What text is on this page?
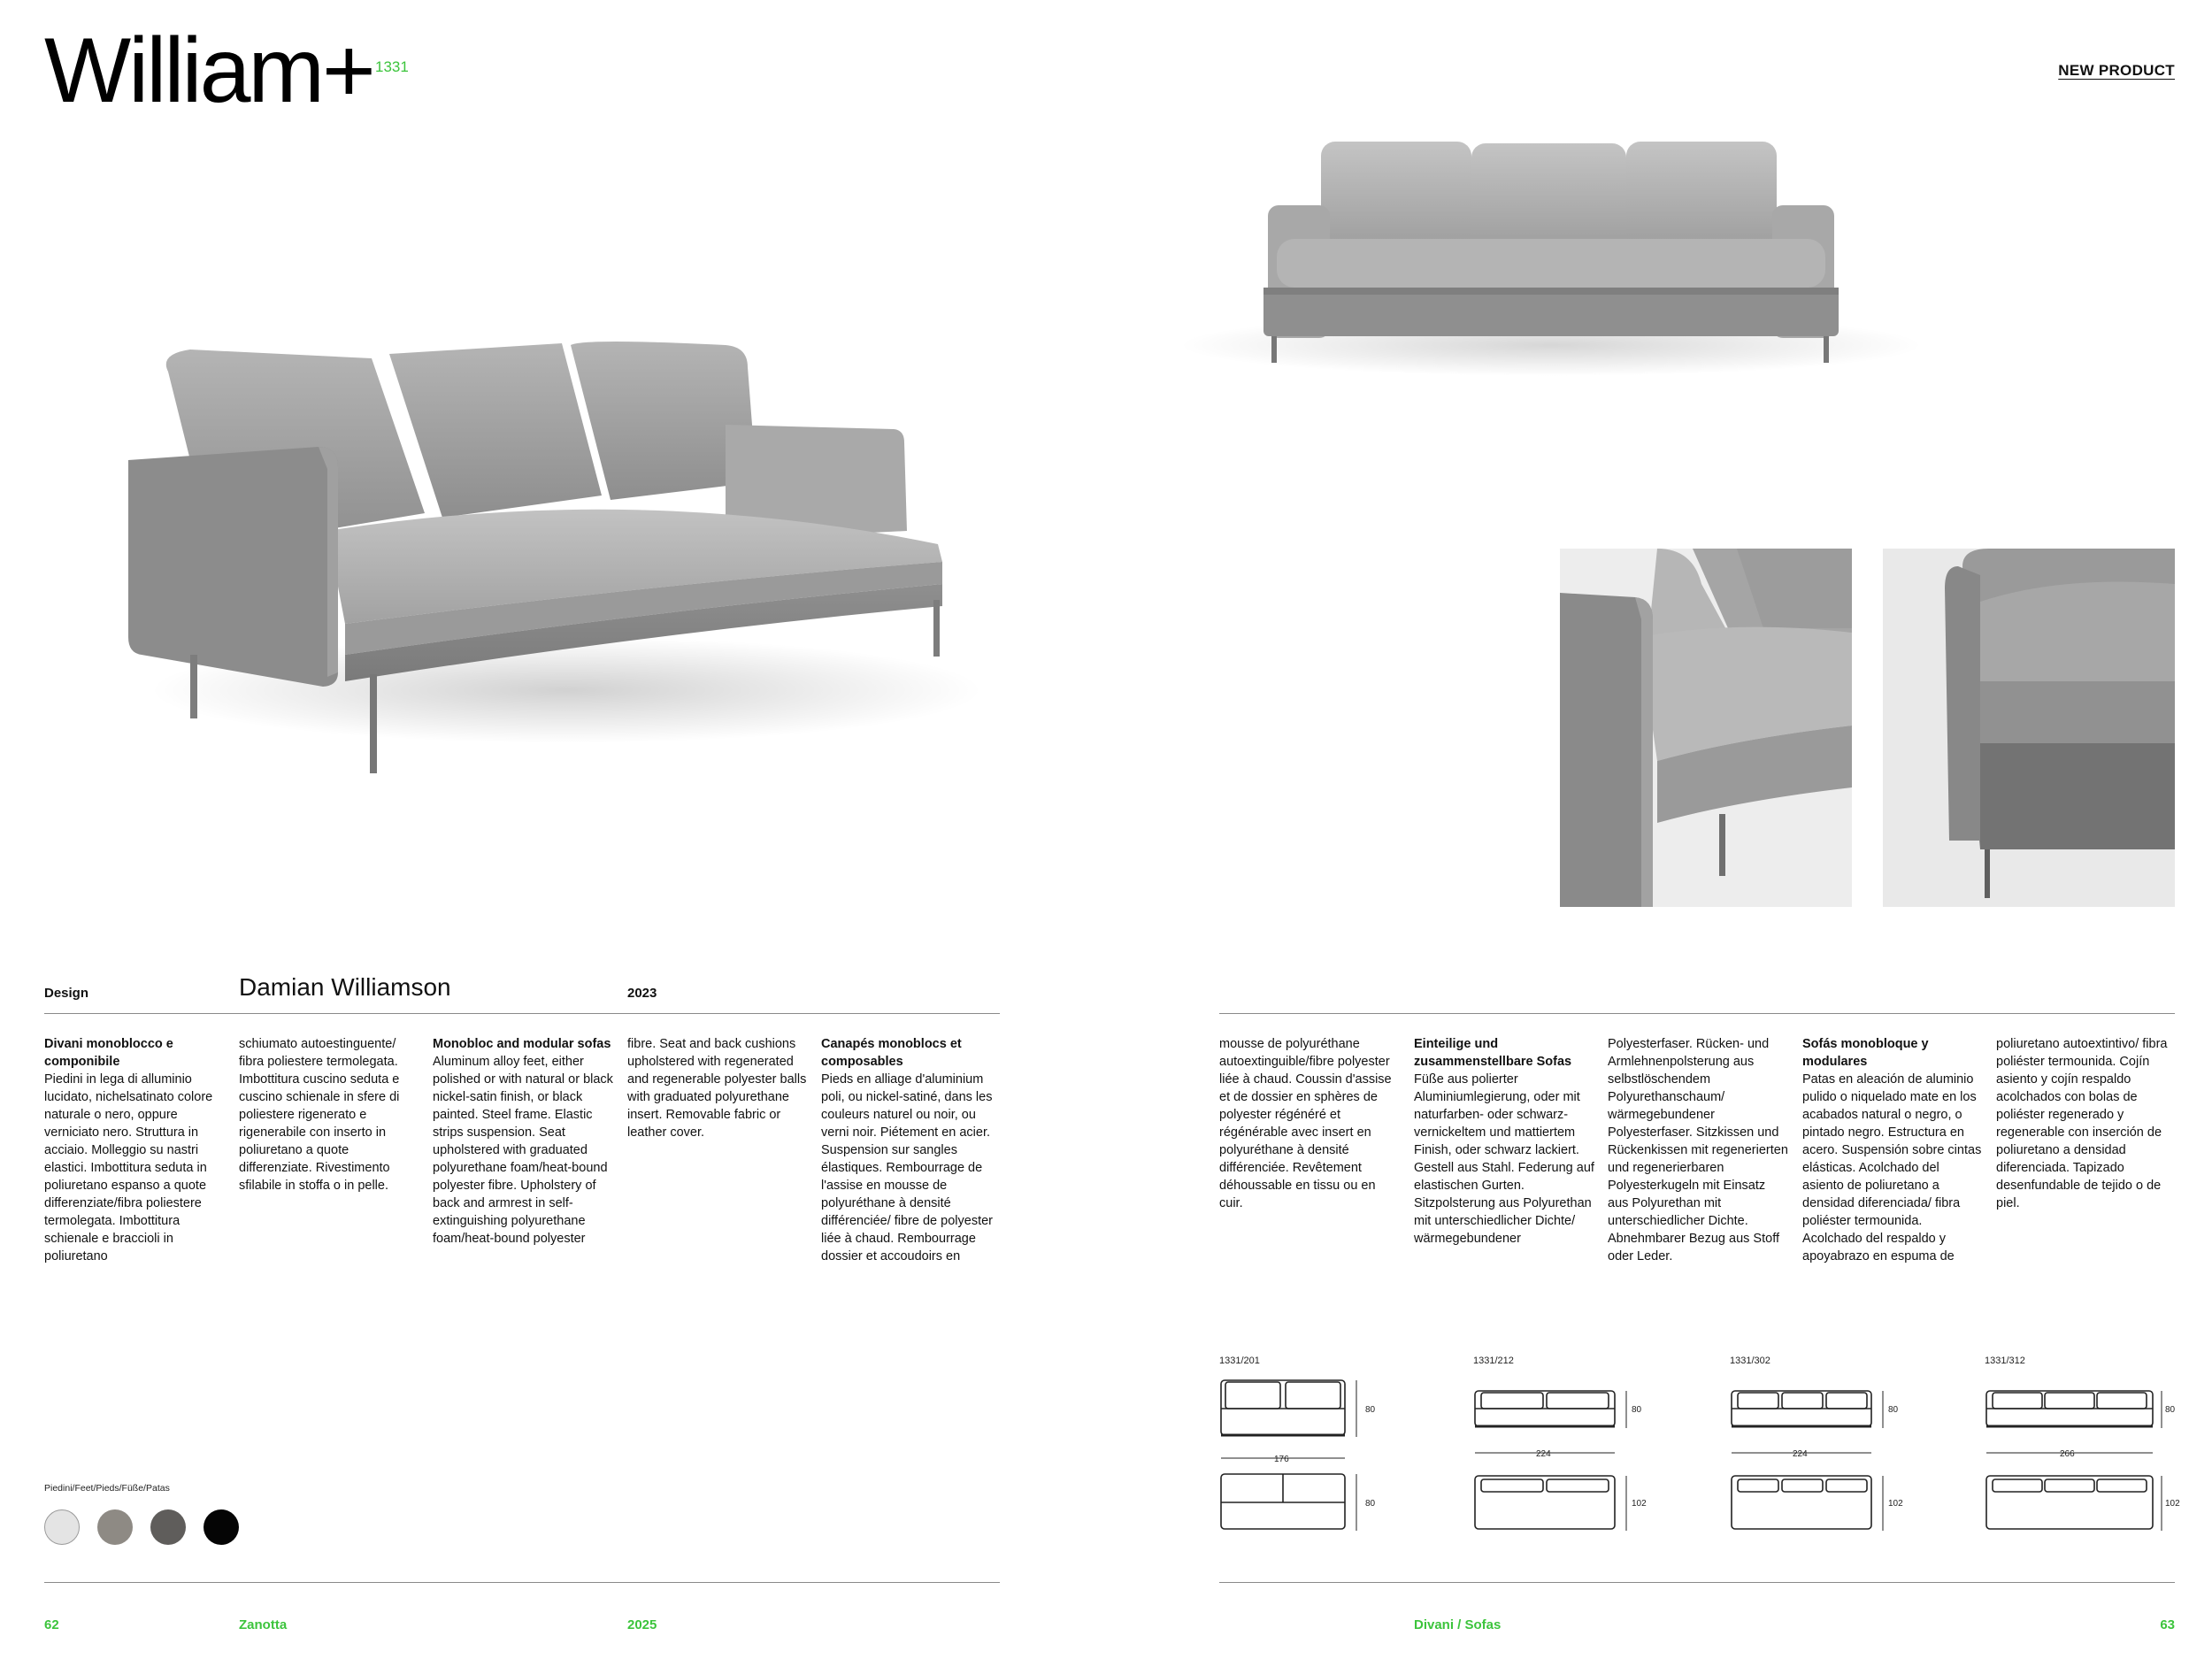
William+ 1331	NEW PRODUCT
Design	Damian Williamson	2023
Divani monoblocco e componibile
Piedini in lega di alluminio lucidato, nichelsatinato colore naturale o nero, oppure verniciato nero. Struttura in acciaio. Molleggio su nastri elastici. Imbottitura seduta in poliuretano espanso a quote differenziate/fibra poliestere termolegata. Imbottitura schienale e braccioli in poliuretano
schiumato autoestinguente/ fibra poliestere termolegata. Imbottitura cuscino seduta e cuscino schienale in sfere di poliestere rigenerato e rigenerabile con inserto in poliuretano a quote differenziate. Rivestimento sfilabile in stoffa o in pelle.
Monobloc and modular sofas
Aluminum alloy feet, either polished or with natural or black nickel-satin finish, or black painted. Steel frame. Elastic strips suspension. Seat upholstered with graduated polyurethane foam/heat-bound polyester fibre. Upholstery of back and armrest in self-extinguishing polyurethane foam/heat-bound polyester
fibre. Seat and back cushions upholstered with regenerated and regenerable polyester balls with graduated polyurethane insert. Removable fabric or leather cover.
Canapés monoblocs et composables
Pieds en alliage d'aluminium poli, ou nickel-satiné, dans les couleurs naturel ou noir, ou verni noir. Piétement en acier. Suspension sur sangles élastiques. Rembourrage de l'assise en mousse de polyuréthane à densité différenciée/ fibre de polyester liée à chaud. Rembourrage dossier et accoudoirs en
mousse de polyuréthane autoextinguible/fibre polyester liée à chaud. Coussin d'assise et de dossier en sphères de polyester régénéré et régénérable avec insert en polyuréthane à densité différenciée. Revêtement déhoussable en tissu ou en cuir.
Einteilige und zusammenstellbare Sofas
Füße aus polierter Aluminiumlegierung, oder mit naturfarben- oder schwarz- vernickeltem und mattiertem Finish, oder schwarz lackiert. Gestell aus Stahl. Federung auf elastischen Gurten. Sitzpolsterung aus Polyurethan mit unterschiedlicher Dichte/ wärmegebundener
Polyesterfaser. Rücken- und Armlehnenpolsterung aus selbstlöschendem Polyurethanschaum/ wärmegebundener Polyesterfaser. Sitzkissen und Rückenkissen mit regenerierten und regenerierbaren Polyesterkugeln mit Einsatz aus Polyurethan mit unterschiedlicher Dichte. Abnehmbarer Bezug aus Stoff oder Leder.
Sofás monobloque y modulares
Patas en aleación de aluminio pulido o niquelado mate en los acabados natural o negro, o pintado negro. Estructura en acero. Suspensión sobre cintas elásticas. Acolchado del asiento de poliuretano a densidad diferenciada/ fibra poliéster termounida. Acolchado del respaldo y apoyabrazo en espuma de
poliuretano autoextintivo/ fibra poliéster termounida. Cojín asiento y cojín respaldo acolchados con bolas de poliéster regenerado y regenerable con inserción de poliuretano a densidad diferenciada. Tapizado desenfundable de tejido o de piel.
Piedini/Feet/Pieds/Füße/Patas
1331/201	1331/212	1331/302	1331/312
80
176
80
80
224
102
80
224
102
80
266
102
62	Zanotta	2025	Divani / Sofas	63
